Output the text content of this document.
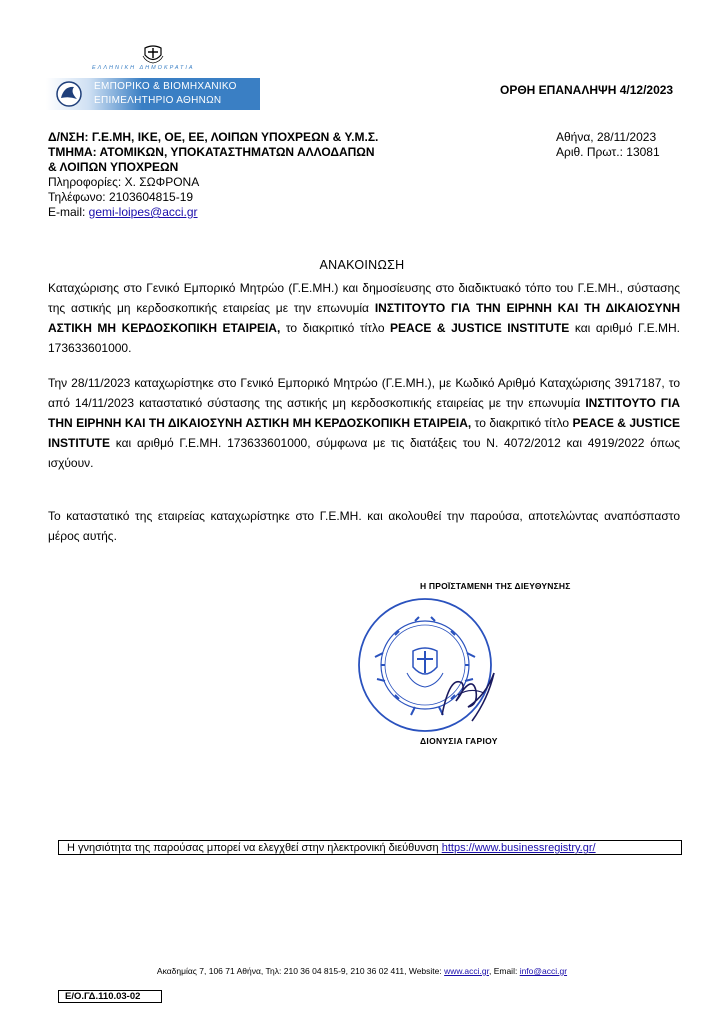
ΕΛΛΗΝΙΚΗ ΔΗΜΟΚΡΑΤΙΑ
ΕΜΠΟΡΙΚΟ & ΒΙΟΜΗΧΑΝΙΚΟ
ΕΠΙΜΕΛΗΤΗΡΙΟ ΑΘΗΝΩΝ
ΟΡΘΗ ΕΠΑΝΑΛΗΨΗ 4/12/2023
Δ/ΝΣΗ: Γ.Ε.ΜΗ, ΙΚΕ, ΟΕ, ΕΕ, ΛΟΙΠΩΝ ΥΠΟΧΡΕΩΝ & Υ.Μ.Σ.
ΤΜΗΜΑ: ΑΤΟΜΙΚΩΝ, ΥΠΟΚΑΤΑΣΤΗΜΑΤΩΝ ΑΛΛΟΔΑΠΩΝ
& ΛΟΙΠΩΝ ΥΠΟΧΡΕΩΝ
Πληροφορίες: Χ. ΣΩΦΡΟΝΑ
Τηλέφωνο: 2103604815-19
E-mail: gemi-loipes@acci.gr
Αθήνα, 28/11/2023
Αριθ. Πρωτ.: 13081
ΑΝΑΚΟΙΝΩΣΗ
Καταχώρισης στο Γενικό Εμπορικό Μητρώο (Γ.Ε.ΜΗ.) και δημοσίευσης στο διαδικτυακό τόπο του Γ.Ε.ΜΗ., σύστασης της αστικής μη κερδοσκοπικής εταιρείας με την επωνυμία ΙΝΣΤΙΤΟΥΤΟ ΓΙΑ ΤΗΝ ΕΙΡΗΝΗ ΚΑΙ ΤΗ ΔΙΚΑΙΟΣΥΝΗ ΑΣΤΙΚΗ ΜΗ ΚΕΡΔΟΣΚΟΠΙΚΗ ΕΤΑΙΡΕΙΑ, το διακριτικό τίτλο PEACE & JUSTICE INSTITUTE και αριθμό Γ.Ε.ΜΗ. 173633601000.
Την 28/11/2023 καταχωρίστηκε στο Γενικό Εμπορικό Μητρώο (Γ.Ε.ΜΗ.), με Κωδικό Αριθμό Καταχώρισης 3917187, το από 14/11/2023 καταστατικό σύστασης της αστικής μη κερδοσκοπικής εταιρείας με την επωνυμία ΙΝΣΤΙΤΟΥΤΟ ΓΙΑ ΤΗΝ ΕΙΡΗΝΗ ΚΑΙ ΤΗ ΔΙΚΑΙΟΣΥΝΗ ΑΣΤΙΚΗ ΜΗ ΚΕΡΔΟΣΚΟΠΙΚΗ ΕΤΑΙΡΕΙΑ, το διακριτικό τίτλο PEACE & JUSTICE INSTITUTE και αριθμό Γ.Ε.ΜΗ. 173633601000, σύμφωνα με τις διατάξεις του Ν. 4072/2012 και 4919/2022 όπως ισχύουν.
Το καταστατικό της εταιρείας καταχωρίστηκε στο Γ.Ε.ΜΗ. και ακολουθεί την παρούσα, αποτελώντας αναπόσπαστο μέρος αυτής.
Η ΠΡΟΪΣΤΑΜΕΝΗ ΤΗΣ ΔΙΕΥΘΥΝΣΗΣ
ΔΙΟΝΥΣΙΑ ΓΑΡΙΟΥ
Η γνησιότητα της παρούσας μπορεί να ελεγχθεί στην ηλεκτρονική διεύθυνση https://www.businessregistry.gr/
Ακαδημίας 7, 106 71 Αθήνα, Τηλ: 210 36 04 815-9, 210 36 02 411, Website: www.acci.gr, Email: info@acci.gr
Ε/Ο.ΓΔ.110.03-02
